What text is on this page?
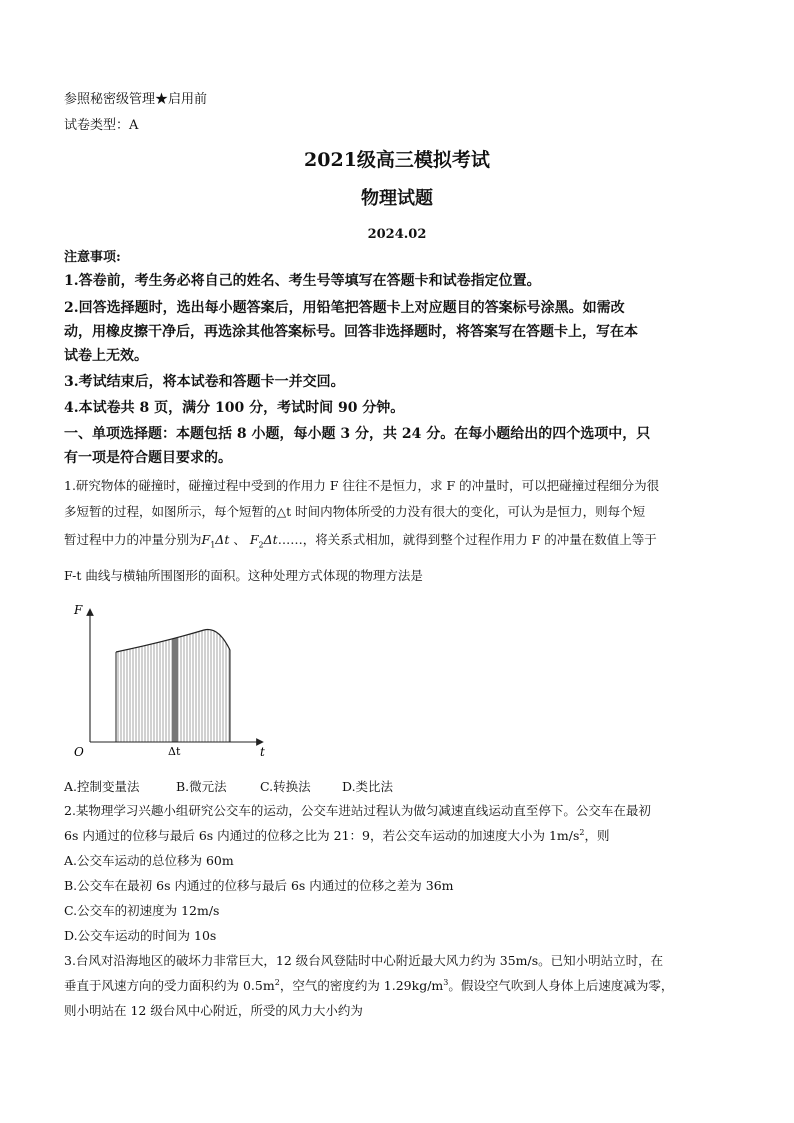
参照秘密级管理★启用前
试卷类型：A
2021级高三模拟考试
物理试题
2024.02
注意事项:
1.答卷前，考生务必将自己的姓名、考生号等填写在答题卡和试卷指定位置。
2.回答选择题时，选出每小题答案后，用铅笔把答题卡上对应题目的答案标号涂黑。如需改
动，用橡皮擦干净后，再选涂其他答案标号。回答非选择题时，将答案写在答题卡上，写在本
试卷上无效。
3.考试结束后，将本试卷和答题卡一并交回。
4.本试卷共 8 页，满分 100 分，考试时间 90 分钟。
一、单项选择题：本题包括 8 小题，每小题 3 分，共 24 分。在每小题给出的四个选项中，只
有一项是符合题目要求的。
1.研究物体的碰撞时，碰撞过程中受到的作用力 F 往往不是恒力，求 F 的冲量时，可以把碰撞过程细分为很
多短暂的过程，如图所示，每个短暂的△t 时间内物体所受的力没有很大的变化，可认为是恒力，则每个短
暂过程中力的冲量分别为$F_1\Delta t$ 、 $F_2\Delta t\dots\dots$，将关系式相加，就得到整个过程作用力 F 的冲量在数值上等于
F-t 曲线与横轴所围图形的面积。这种处理方式体现的物理方法是
F
t
O	Δt
A.控制变量法	B.微元法	C.转换法	D.类比法
2.某物理学习兴趣小组研究公交车的运动，公交车进站过程认为做匀减速直线运动直至停下。公交车在最初
6s 内通过的位移与最后 6s 内通过的位移之比为 21：9，若公交车运动的加速度大小为 $1m/s^2$，则
A.公交车运动的总位移为 60m
B.公交车在最初 6s 内通过的位移与最后 6s 内通过的位移之差为 36m
C.公交车的初速度为 12m/s
D.公交车运动的时间为 10s
3.台风对沿海地区的破坏力非常巨大，12 级台风登陆时中心附近最大风力约为 35m/s。已知小明站立时，在
垂直于风速方向的受力面积约为 $0.5m^2$，空气的密度约为 $1.29kg/m^3$。假设空气吹到人身体上后速度减为零，
则小明站在 12 级台风中心附近，所受的风力大小约为
